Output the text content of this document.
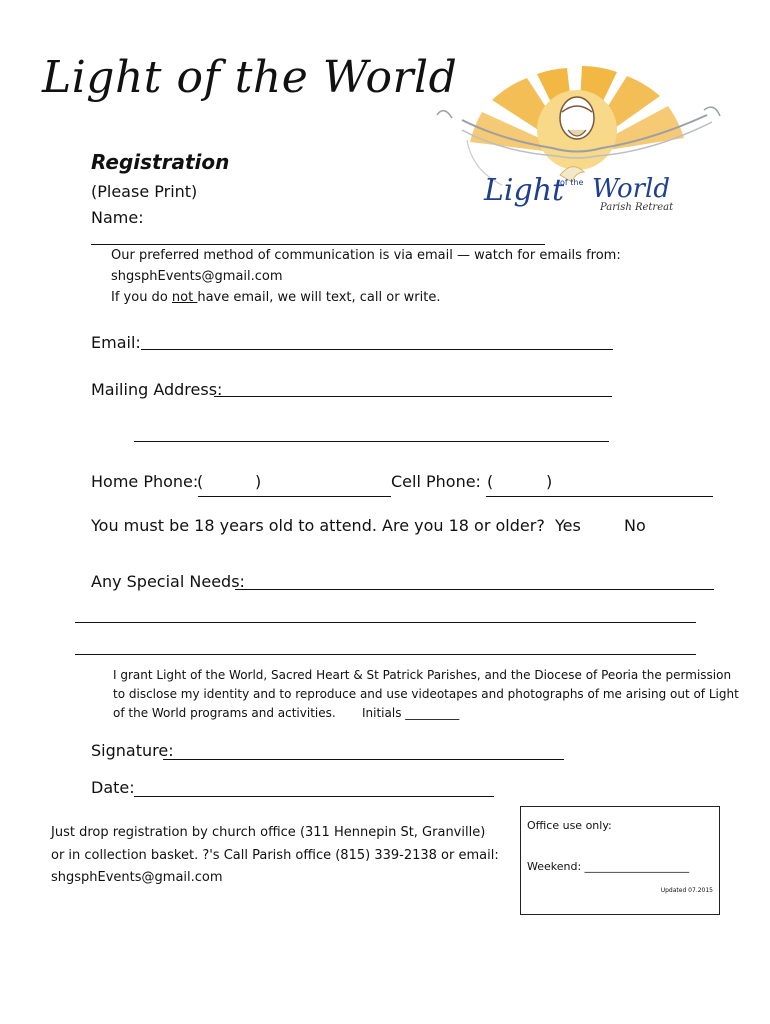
Light of the World
Light
of the World
Parish Retreat
Registration
(Please Print)
Name:
Our preferred method of communication is via email — watch for emails from:
shgsphEvents@gmail.com
If you do not have email, we will text, call or write.
Email:
Mailing Address:
Home Phone:
(	)	Cell Phone: (	)
You must be 18 years old to attend. Are you 18 or older? Yes	No
Any Special Needs:
I grant Light of the World, Sacred Heart & St Patrick Parishes, and the Diocese of Peoria the permission
to disclose my identity and to reproduce and use videotapes and photographs of me arising out of Light
of the World programs and activities. Initials _________
Signature:
Date:
Just drop registration by church office (311 Hennepin St, Granville)
or in collection basket. ?'s Call Parish office (815) 339-2138 or email:
shgsphEvents@gmail.com
Office use only:
Weekend: ___________________
Updated 07.2015
